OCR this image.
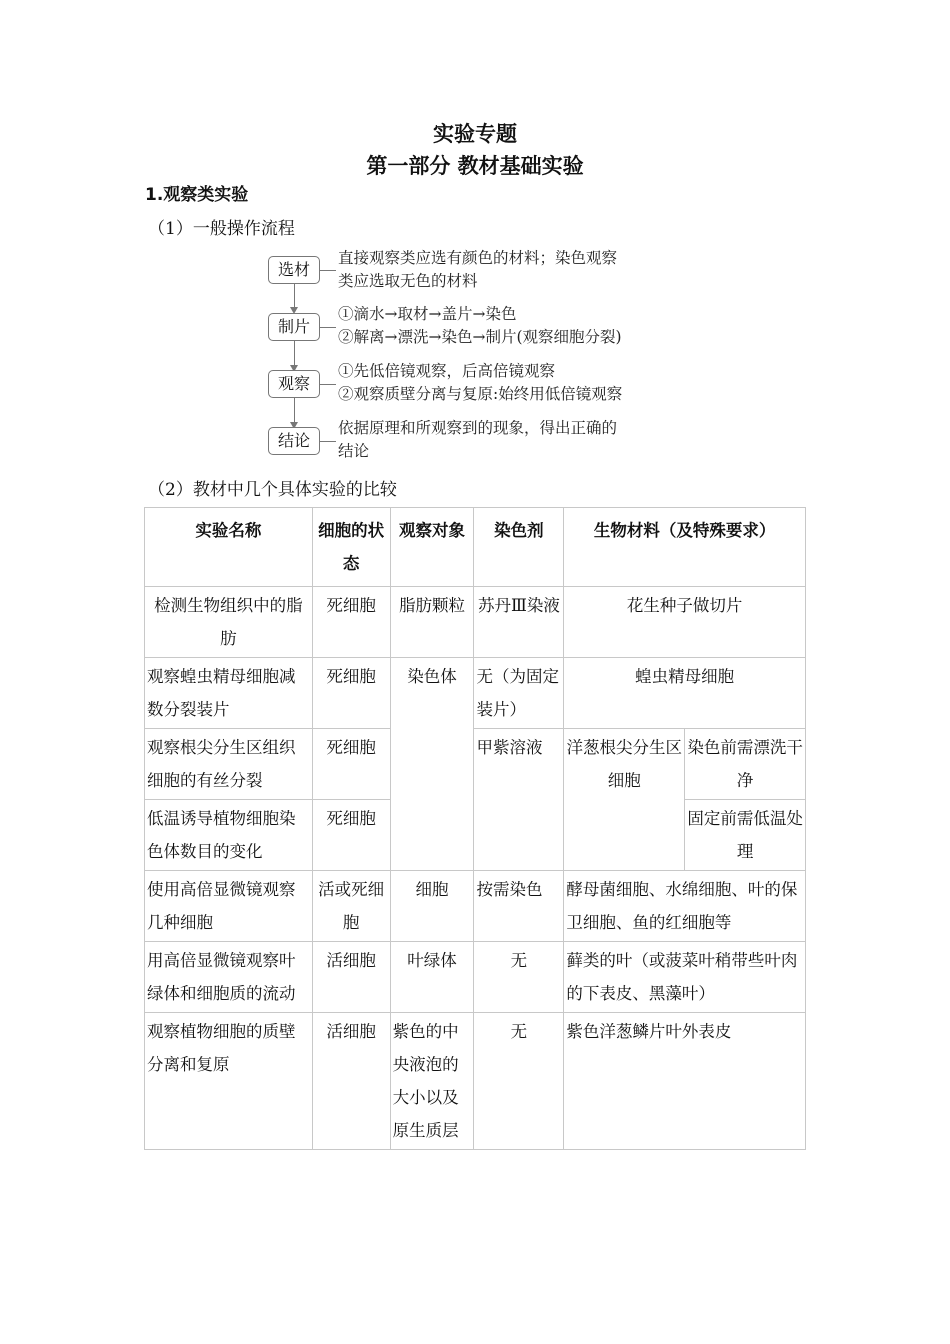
实验专题
第一部分 教材基础实验
1.观察类实验
（1）一般操作流程
选材
制片
观察
结论
直接观察类应选有颜色的材料；染色观察
类应选取无色的材料
①滴水→取材→盖片→染色
②解离→漂洗→染色→制片(观察细胞分裂)
①先低倍镜观察，后高倍镜观察
②观察质壁分离与复原:始终用低倍镜观察
依据原理和所观察到的现象，得出正确的
结论
（2）教材中几个具体实验的比较
实验名称	细胞的状态	观察对象	染色剂	生物材料（及特殊要求）	
检测生物组织中的脂肪	死细胞	脂肪颗粒	苏丹Ⅲ染液	花生种子做切片	
观察蝗虫精母细胞减数分裂装片	死细胞	染色体	无（为固定装片）	蝗虫精母细胞	
观察根尖分生区组织细胞的有丝分裂	死细胞		甲紫溶液	洋葱根尖分生区细胞	染色前需漂洗干净
低温诱导植物细胞染色体数目的变化	死细胞				固定前需低温处理
使用高倍显微镜观察几种细胞	活或死细胞	细胞	按需染色	酵母菌细胞、水绵细胞、叶的保卫细胞、鱼的红细胞等	
用高倍显微镜观察叶绿体和细胞质的流动	活细胞	叶绿体	无	藓类的叶（或菠菜叶稍带些叶肉的下表皮、黑藻叶）	
观察植物细胞的质壁分离和复原	活细胞	紫色的中央液泡的大小以及原生质层	无	紫色洋葱鳞片叶外表皮	
